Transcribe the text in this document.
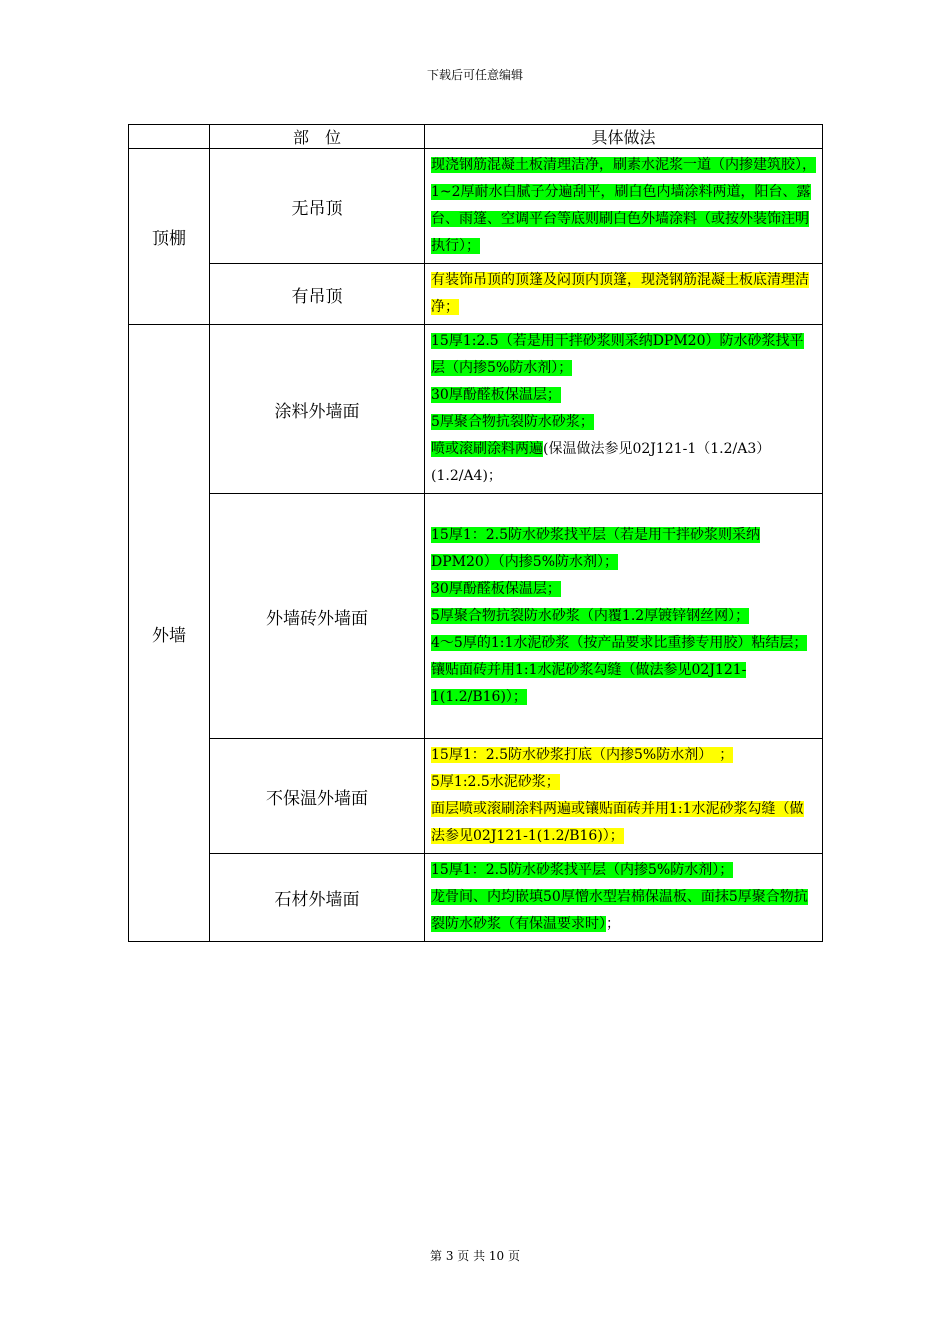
下载后可任意编辑
	部　位	具体做法
顶棚	无吊顶	现浇钢筋混凝土板清理洁净，刷素水泥浆一道（内掺建筑胶），1~2厚耐水白腻子分遍刮平，刷白色内墙涂料两道，阳台、露台、雨篷、空调平台等底则刷白色外墙涂料（或按外装饰注明执行）；

	有吊顶	有装饰吊顶的顶篷及闷顶内顶篷，现浇钢筋混凝土板底清理洁净；

外墙	涂料外墙面	15厚1:2.5（若是用干拌砂浆则采纳DPM20）防水砂浆找平层（内掺5%防水剂）；
30厚酚醛板保温层；
5厚聚合物抗裂防水砂浆；
喷或滚刷涂料两遍(保温做法参见02J121-1（1.2/A3）(1.2/A4)；

	外墙砖外墙面	15厚1：2.5防水砂浆找平层（若是用干拌砂浆则采纳DPM20）（内掺5%防水剂）；
30厚酚醛板保温层；
5厚聚合物抗裂防水砂浆（内覆1.2厚镀锌钢丝网）；
4～5厚的1:1水泥砂浆（按产品要求比重掺专用胶）粘结层；
镶贴面砖并用1:1水泥砂浆勾缝（做法参见02J121-1(1.2/B16)）；

	不保温外墙面	15厚1：2.5防水砂浆打底（内掺5%防水剂）　；
5厚1:2.5水泥砂浆；
面层喷或滚刷涂料两遍或镶贴面砖并用1:1水泥砂浆勾缝（做法参见02J121-1(1.2/B16)）；

	石材外墙面	15厚1：2.5防水砂浆找平层（内掺5%防水剂）；
龙骨间、内均嵌填50厚憎水型岩棉保温板、面抹5厚聚合物抗裂防水砂浆（有保温要求时）；
第 3 页 共 10 页
